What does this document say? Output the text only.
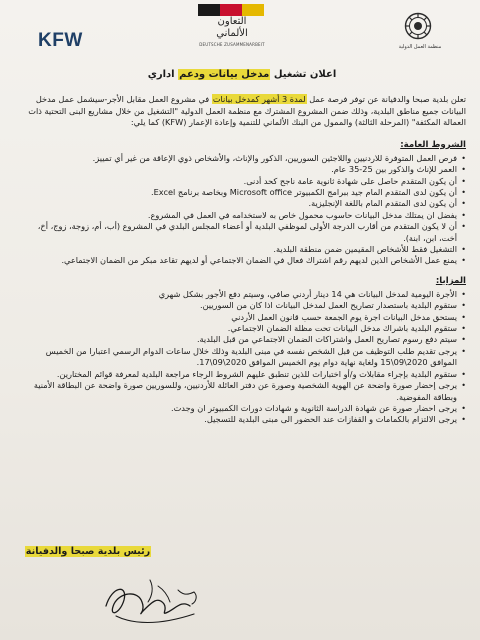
KFW
التعاون
الألماني
DEUTSCHE ZUSAMMENARBEIT	منظمة العمل الدولية
اعلان تشغيل مدخل بيانات ودعم اداري

تعلن بلدية صبحا والدفيانة عن توفر فرصة عمل لمدة 3 أشهر كمدخل بيانات في مشروع العمل مقابل الأجر-سيشمل عمل مدخل البيانات جميع مناطق البلدية، وذلك ضمن المشروع المشترك مع منظمة العمل الدولية "التشغيل من خلال مشاريع البنى التحتية ذات العمالة المكثفة" (المرحلة الثالثة) والممول من البنك الألماني للتنمية وإعادة الإعمار (KFW) كما يلي:

الشروط العامة:
• فرص العمل المتوفرة للاردنيين واللاجئين السوريين، الذكور والإناث، والأشخاص ذوي الإعاقة من غير أي تمييز.
• العمر للإناث والذكور بين 25-35 عام.
• أن يكون المتقدم حاصل على شهادة ثانوية عامة ناجح كحد أدنى.
• أن يكون لدى المتقدم المام جيد ببرامج الكمبيوتر Microsoft office وبخاصة برنامج Excel.
• أن يكون لدى المتقدم المام باللغة الإنجليزية.
• يفضل ان يمتلك مدخل البيانات حاسوب محمول خاص به لاستخدامه في العمل في المشروع.
• أن لا يكون المتقدم من أقارب الدرجة الأولى لموظفي البلدية أو أعضاء المجلس البلدي في المشروع (أب، أم، زوجة، زوج، أخ، أخت، ابن، ابنة).
• التشغيل فقط للأشخاص المقيمين ضمن منطقة البلدية.
• يمنع عمل الأشخاص الذين لديهم رقم اشتراك فعال في الضمان الاجتماعي أو لديهم تقاعد مبكر من الضمان الاجتماعي.
المزايا:
• الأجرة اليومية لمدخل البيانات هي 14 دينار أردني صافي، وسيتم دفع الأجور بشكل شهري
• ستقوم البلدية باستصدار تصاريح العمل لمدخل البيانات اذا كان من السوريين.
• يستحق مدخل البيانات اجرة يوم الجمعة حسب قانون العمل الأردني
• ستقوم البلدية باشراك مدخل البيانات تحت مظلة الضمان الاجتماعي.
• سيتم دفع رسوم تصاريح العمل واشتراكات الضمان الاجتماعي من قبل البلدية.
• يرجى تقديم طلب التوظيف من قبل الشخص نفسه في مبنى البلدية وذلك خلال ساعات الدوام الرسمي اعتبارا من الخميس الموافق 2020\09\15 ولغاية نهاية دوام يوم الخميس الموافق 2020\09\17.
• ستقوم البلدية بإجراء مقابلات و/أو اختبارات للذين تنطبق عليهم الشروط الرجاء مراجعة البلدية لمعرفة قوائم المختارين.
• يرجى إحضار صورة واضحة عن الهوية الشخصية وصورة عن دفتر العائلة للأردنيين، وللسوريين صورة واضحة عن البطاقة الأمنية وبطاقة المفوضية.
• يرجى احضار صورة عن شهادة الدراسة الثانوية و شهادات دورات الكمبيوتر ان وجدت.
• يرجى الالتزام بالكمامات و القفازات عند الحضور الى مبنى البلدية للتسجيل.
رئيس بلدية صبحا والدفيانة
